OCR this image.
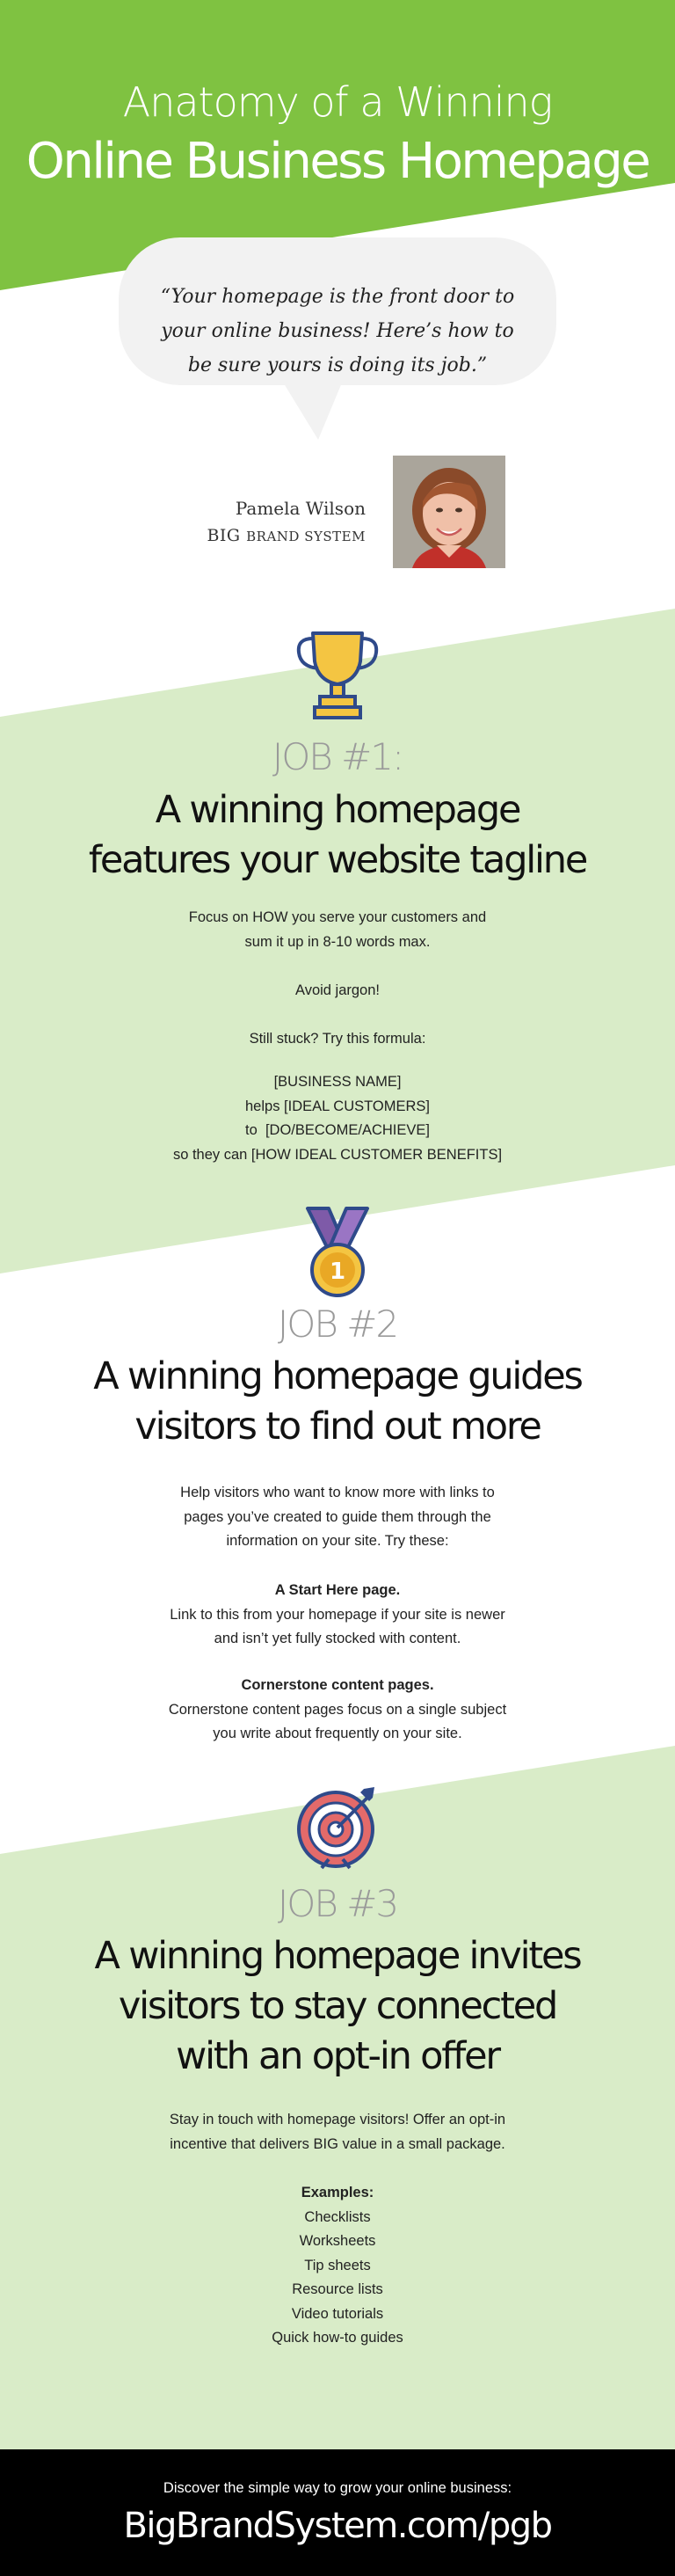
Anatomy of a Winning
Online Business Homepage
“Your homepage is the front door to
your online business! Here’s how to
be sure yours is doing its job.”
Pamela Wilson
BIG BRAND SYSTEM
JOB #1:
A winning homepage
features your website tagline
Focus on HOW you serve your customers and
sum it up in 8-10 words max.
Avoid jargon!
Still stuck? Try this formula:
[BUSINESS NAME]
helps [IDEAL CUSTOMERS]
to  [DO/BECOME/ACHIEVE]
so they can [HOW IDEAL CUSTOMER BENEFITS]
1
JOB #2
A winning homepage guides
visitors to find out more
Help visitors who want to know more with links to
pages you’ve created to guide them through the
information on your site. Try these:
A Start Here page.
Link to this from your homepage if your site is newer
and isn’t yet fully stocked with content.
Cornerstone content pages.
Cornerstone content pages focus on a single subject
you write about frequently on your site.
JOB #3
A winning homepage invites
visitors to stay connected
with an opt-in offer
Stay in touch with homepage visitors! Offer an opt-in
incentive that delivers BIG value in a small package.
Examples:
Checklists
Worksheets
Tip sheets
Resource lists
Video tutorials
Quick how-to guides
Discover the simple way to grow your online business:
BigBrandSystem.com/pgb
